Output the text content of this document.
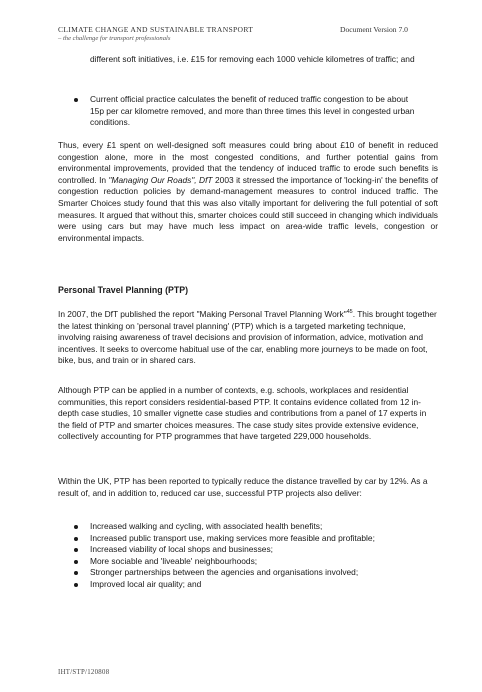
CLIMATE CHANGE AND SUSTAINABLE TRANSPORT
– the challenge for transport professionals
Document Version 7.0
different soft initiatives, i.e. £15 for removing each 1000 vehicle kilometres of traffic; and
Current official practice calculates the benefit of reduced traffic congestion to be about 15p per car kilometre removed, and more than three times this level in congested urban conditions.

Thus, every £1 spent on well-designed soft measures could bring about £10 of benefit in reduced congestion alone, more in the most congested conditions, and further potential gains from environmental improvements, provided that the tendency of induced traffic to erode such benefits is controlled. In "Managing Our Roads", DfT 2003 it stressed the importance of 'locking-in' the benefits of congestion reduction policies by demand-management measures to control induced traffic. The Smarter Choices study found that this was also vitally important for delivering the full potential of soft measures. It argued that without this, smarter choices could still succeed in changing which individuals were using cars but may have much less impact on area-wide traffic levels, congestion or environmental impacts.

Personal Travel Planning (PTP)

In 2007, the DfT published the report "Making Personal Travel Planning Work"$^{45}$. This brought together the latest thinking on 'personal travel planning' (PTP) which is a targeted marketing technique, involving raising awareness of travel decisions and provision of information, advice, motivation and incentives. It seeks to overcome habitual use of the car, enabling more journeys to be made on foot, bike, bus, and train or in shared cars.

Although PTP can be applied in a number of contexts, e.g. schools, workplaces and residential communities, this report considers residential-based PTP. It contains evidence collated from 12 in-depth case studies, 10 smaller vignette case studies and contributions from a panel of 17 experts in the field of PTP and smarter choices measures. The case study sites provide extensive evidence, collectively accounting for PTP programmes that have targeted 229,000 households.

Within the UK, PTP has been reported to typically reduce the distance travelled by car by 12%. As a result of, and in addition to, reduced car use, successful PTP projects also deliver:

Increased walking and cycling, with associated health benefits;
Increased public transport use, making services more feasible and profitable;
Increased viability of local shops and businesses;
More sociable and 'liveable' neighbourhoods;
Stronger partnerships between the agencies and organisations involved;
Improved local air quality; and
IHT/STP/120808
